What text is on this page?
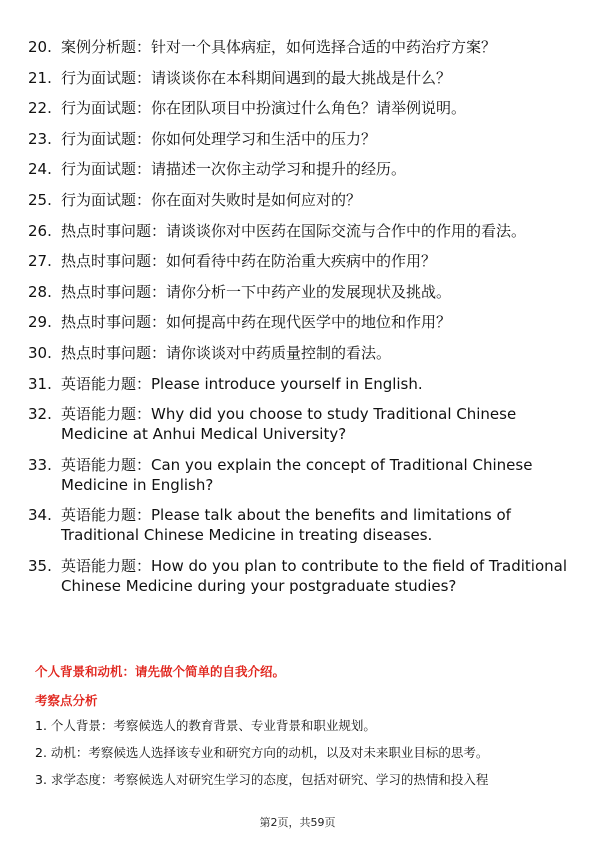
20. 案例分析题：针对一个具体病症，如何选择合适的中药治疗方案？
21. 行为面试题：请谈谈你在本科期间遇到的最大挑战是什么？
22. 行为面试题：你在团队项目中扮演过什么角色？请举例说明。
23. 行为面试题：你如何处理学习和生活中的压力？
24. 行为面试题：请描述一次你主动学习和提升的经历。
25. 行为面试题：你在面对失败时是如何应对的？
26. 热点时事问题：请谈谈你对中医药在国际交流与合作中的作用的看法。
27. 热点时事问题：如何看待中药在防治重大疾病中的作用？
28. 热点时事问题：请你分析一下中药产业的发展现状及挑战。
29. 热点时事问题：如何提高中药在现代医学中的地位和作用？
30. 热点时事问题：请你谈谈对中药质量控制的看法。
31. 英语能力题：Please introduce yourself in English.
32. 英语能力题：Why did you choose to study Traditional Chinese Medicine at Anhui Medical University?
33. 英语能力题：Can you explain the concept of Traditional Chinese Medicine in English?
34. 英语能力题：Please talk about the benefits and limitations of Traditional Chinese Medicine in treating diseases.
35. 英语能力题：How do you plan to contribute to the field of Traditional Chinese Medicine during your postgraduate studies?
个人背景和动机：请先做个简单的自我介绍。
考察点分析
1. 个人背景：考察候选人的教育背景、专业背景和职业规划。
2. 动机：考察候选人选择该专业和研究方向的动机，以及对未来职业目标的思考。
3. 求学态度：考察候选人对研究生学习的态度，包括对研究、学习的热情和投入程
第2页，共59页
